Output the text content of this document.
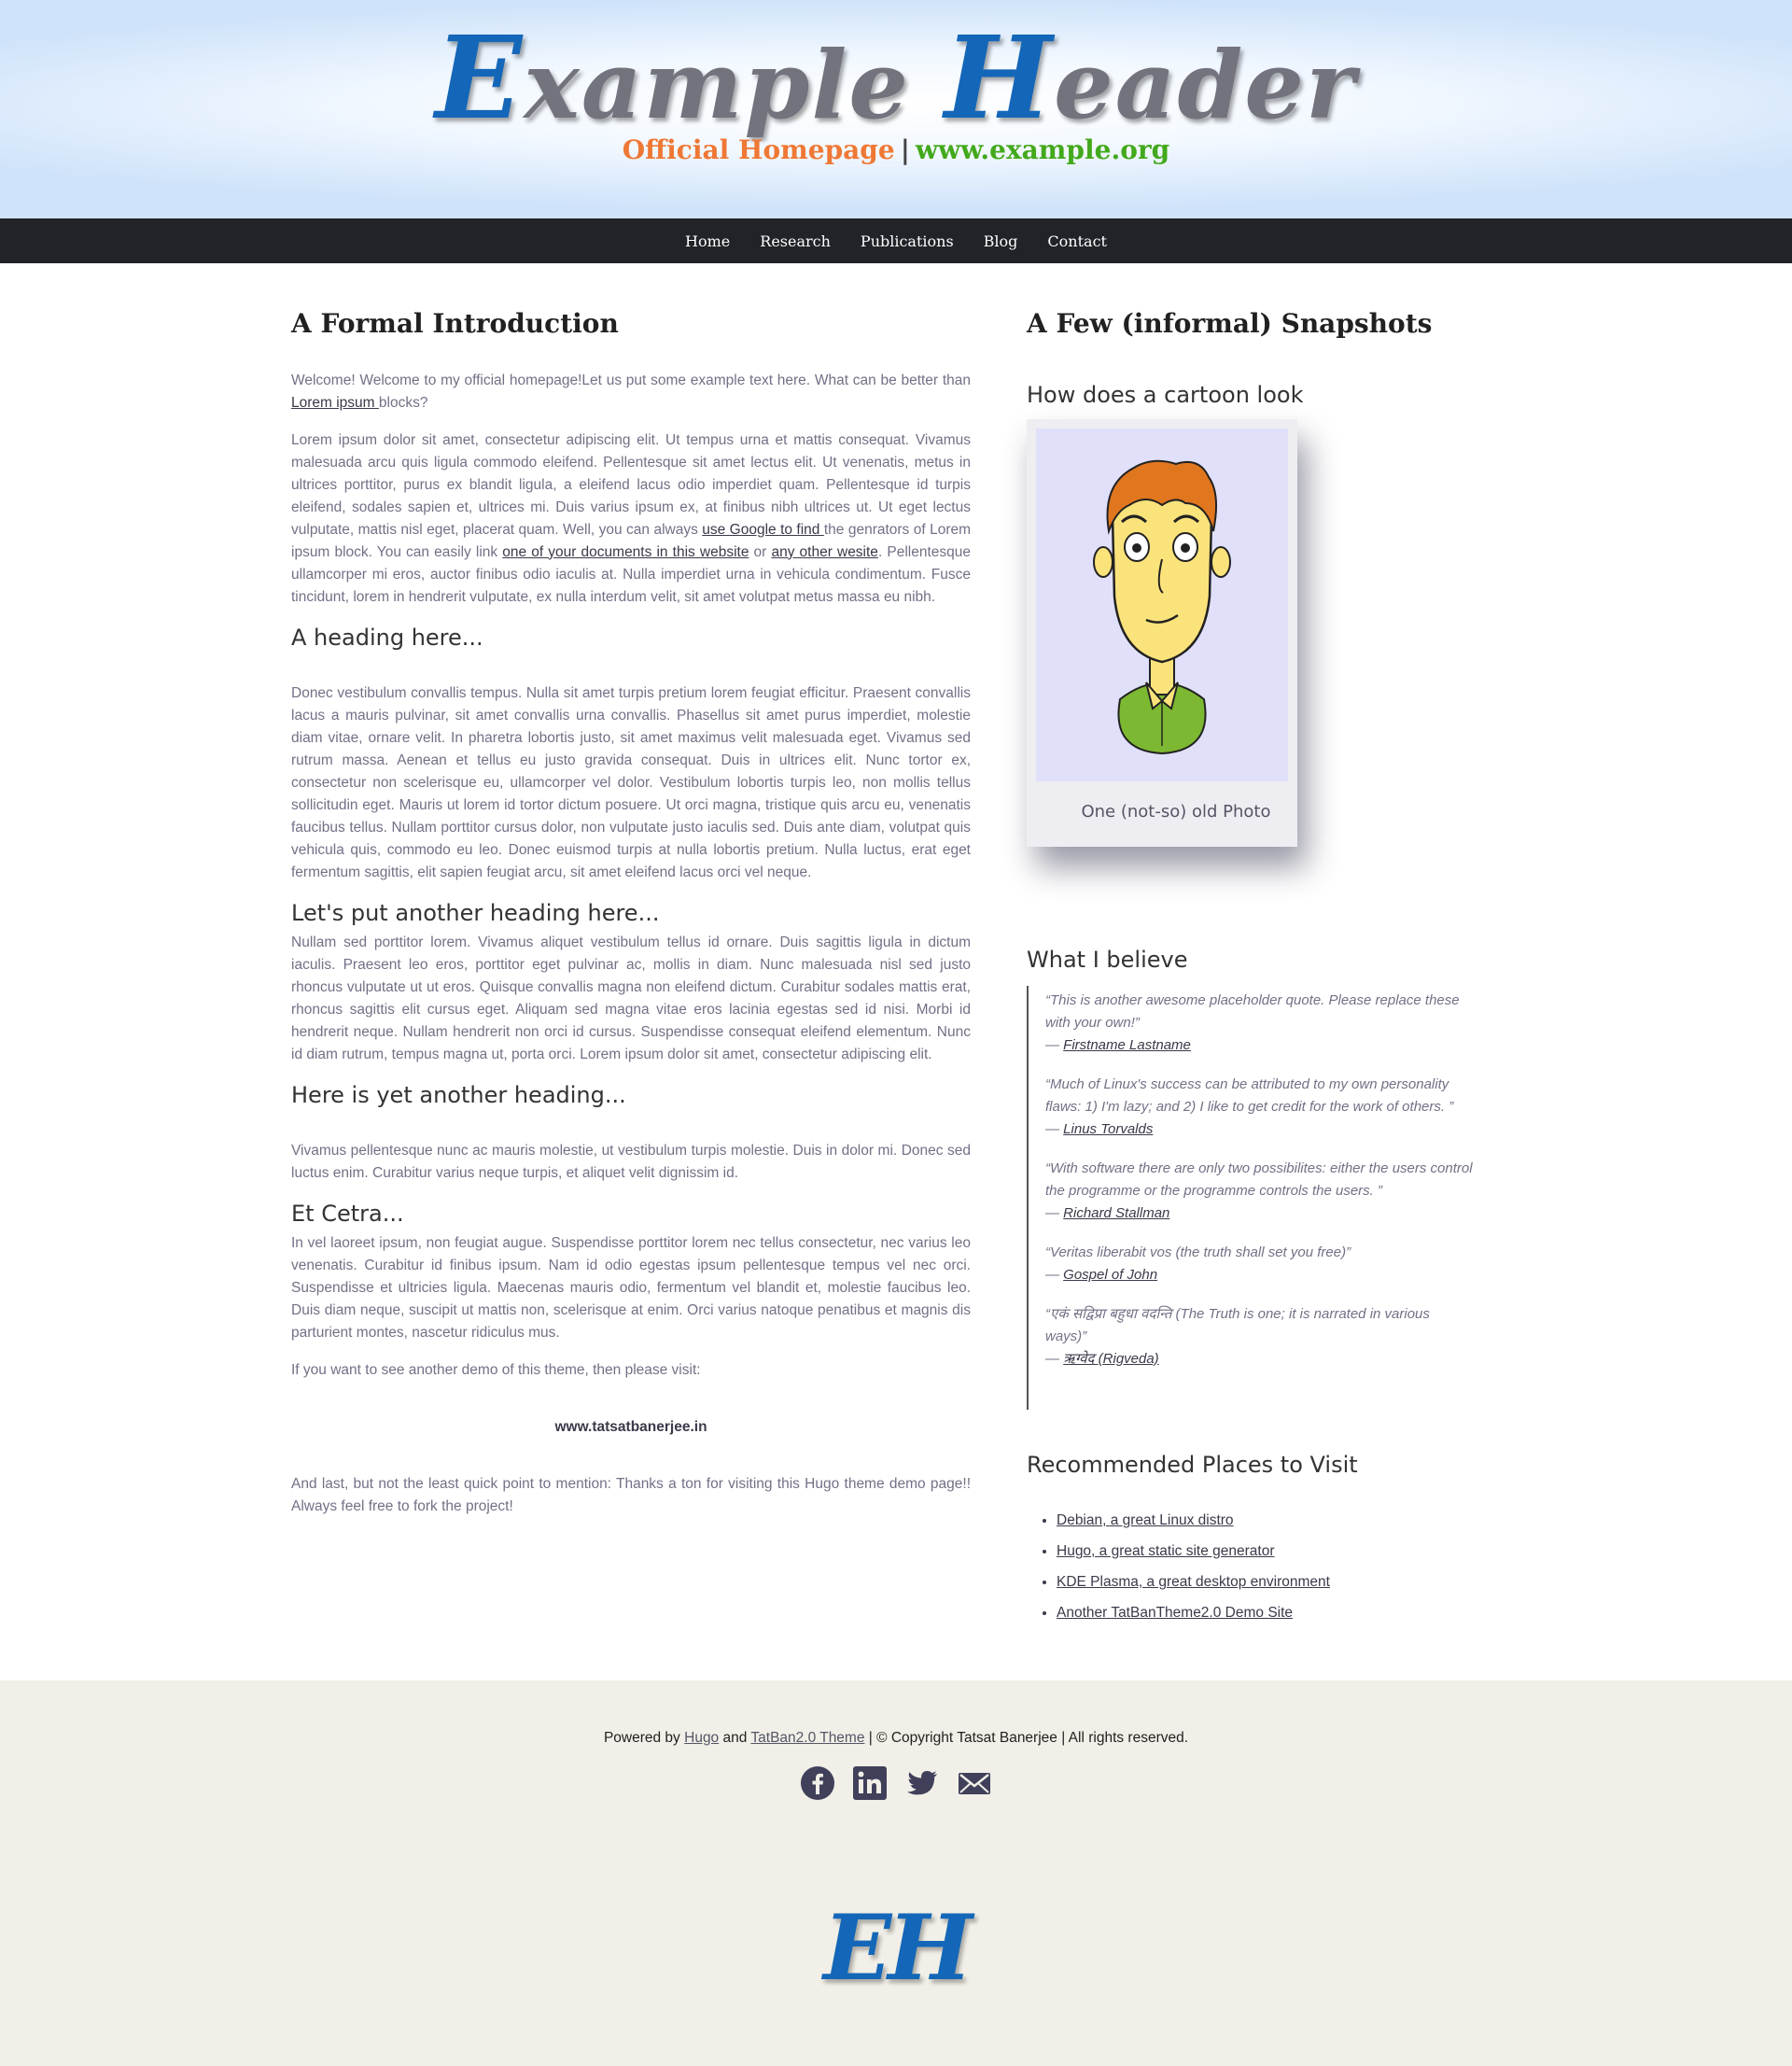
Example Header
Official Homepage | www.example.org
Home Research Publications Blog Contact
A Formal Introduction

Welcome! Welcome to my official homepage!Let us put some example text here. What can be better than Lorem ipsum blocks?

Lorem ipsum dolor sit amet, consectetur adipiscing elit. Ut tempus urna et mattis consequat. Vivamus malesuada arcu quis ligula commodo eleifend. Pellentesque sit amet lectus elit. Ut venenatis, metus in ultrices porttitor, purus ex blandit ligula, a eleifend lacus odio imperdiet quam. Pellentesque id turpis eleifend, sodales sapien et, ultrices mi. Duis varius ipsum ex, at finibus nibh ultrices ut. Ut eget lectus vulputate, mattis nisl eget, placerat quam. Well, you can always use Google to find the genrators of Lorem ipsum block. You can easily link one of your documents in this website or any other wesite. Pellentesque ullamcorper mi eros, auctor finibus odio iaculis at. Nulla imperdiet urna in vehicula condimentum. Fusce tincidunt, lorem in hendrerit vulputate, ex nulla interdum velit, sit amet volutpat metus massa eu nibh.

A heading here...

Donec vestibulum convallis tempus. Nulla sit amet turpis pretium lorem feugiat efficitur. Praesent convallis lacus a mauris pulvinar, sit amet convallis urna convallis. Phasellus sit amet purus imperdiet, molestie diam vitae, ornare velit. In pharetra lobortis justo, sit amet maximus velit malesuada eget. Vivamus sed rutrum massa. Aenean et tellus eu justo gravida consequat. Duis in ultrices elit. Nunc tortor ex, consectetur non scelerisque eu, ullamcorper vel dolor. Vestibulum lobortis turpis leo, non mollis tellus sollicitudin eget. Mauris ut lorem id tortor dictum posuere. Ut orci magna, tristique quis arcu eu, venenatis faucibus tellus. Nullam porttitor cursus dolor, non vulputate justo iaculis sed. Duis ante diam, volutpat quis vehicula quis, commodo eu leo. Donec euismod turpis at nulla lobortis pretium. Nulla luctus, erat eget fermentum sagittis, elit sapien feugiat arcu, sit amet eleifend lacus orci vel neque.

Let's put another heading here...

Nullam sed porttitor lorem. Vivamus aliquet vestibulum tellus id ornare. Duis sagittis ligula in dictum iaculis. Praesent leo eros, porttitor eget pulvinar ac, mollis in diam. Nunc malesuada nisl sed justo rhoncus vulputate ut ut eros. Quisque convallis magna non eleifend dictum. Curabitur sodales mattis erat, rhoncus sagittis elit cursus eget. Aliquam sed magna vitae eros lacinia egestas sed id nisi. Morbi id hendrerit neque. Nullam hendrerit non orci id cursus. Suspendisse consequat eleifend elementum. Nunc id diam rutrum, tempus magna ut, porta orci. Lorem ipsum dolor sit amet, consectetur adipiscing elit.

Here is yet another heading...

Vivamus pellentesque nunc ac mauris molestie, ut vestibulum turpis molestie. Duis in dolor mi. Donec sed luctus enim. Curabitur varius neque turpis, et aliquet velit dignissim id.

Et Cetra...

In vel laoreet ipsum, non feugiat augue. Suspendisse porttitor lorem nec tellus consectetur, nec varius leo venenatis. Curabitur id finibus ipsum. Nam id odio egestas ipsum pellentesque tempus vel nec orci. Suspendisse et ultricies ligula. Maecenas mauris odio, fermentum vel blandit et, molestie faucibus leo. Duis diam neque, suscipit ut mattis non, scelerisque at enim. Orci varius natoque penatibus et magnis dis parturient montes, nascetur ridiculus mus.

If you want to see another demo of this theme, then please visit:

www.tatsatbanerjee.in

And last, but not the least quick point to mention: Thanks a ton for visiting this Hugo theme demo page!! Always feel free to fork the project!

A Few (informal) Snapshots
How does a cartoon look
One (not-so) old Photo
What I believe
“This is another awesome placeholder quote. Please replace these with your own!”
— Firstname Lastname
“Much of Linux's success can be attributed to my own personality flaws: 1) I'm lazy; and 2) I like to get credit for the work of others. ”
— Linus Torvalds
“With software there are only two possibilites: either the users control the programme or the programme controls the users. ”
— Richard Stallman
“Veritas liberabit vos (the truth shall set you free)”
— Gospel of John
“एकं सद्विप्रा बहुधा वदन्ति (The Truth is one; it is narrated in various ways)”
— ऋग्वेद (Rigveda)
Recommended Places to Visit
• Debian, a great Linux distro
• Hugo, a great static site generator
• KDE Plasma, a great desktop environment
• Another TatBanTheme2.0 Demo Site
Powered by Hugo and TatBan2.0 Theme | © Copyright Tatsat Banerjee | All rights reserved.
EH
